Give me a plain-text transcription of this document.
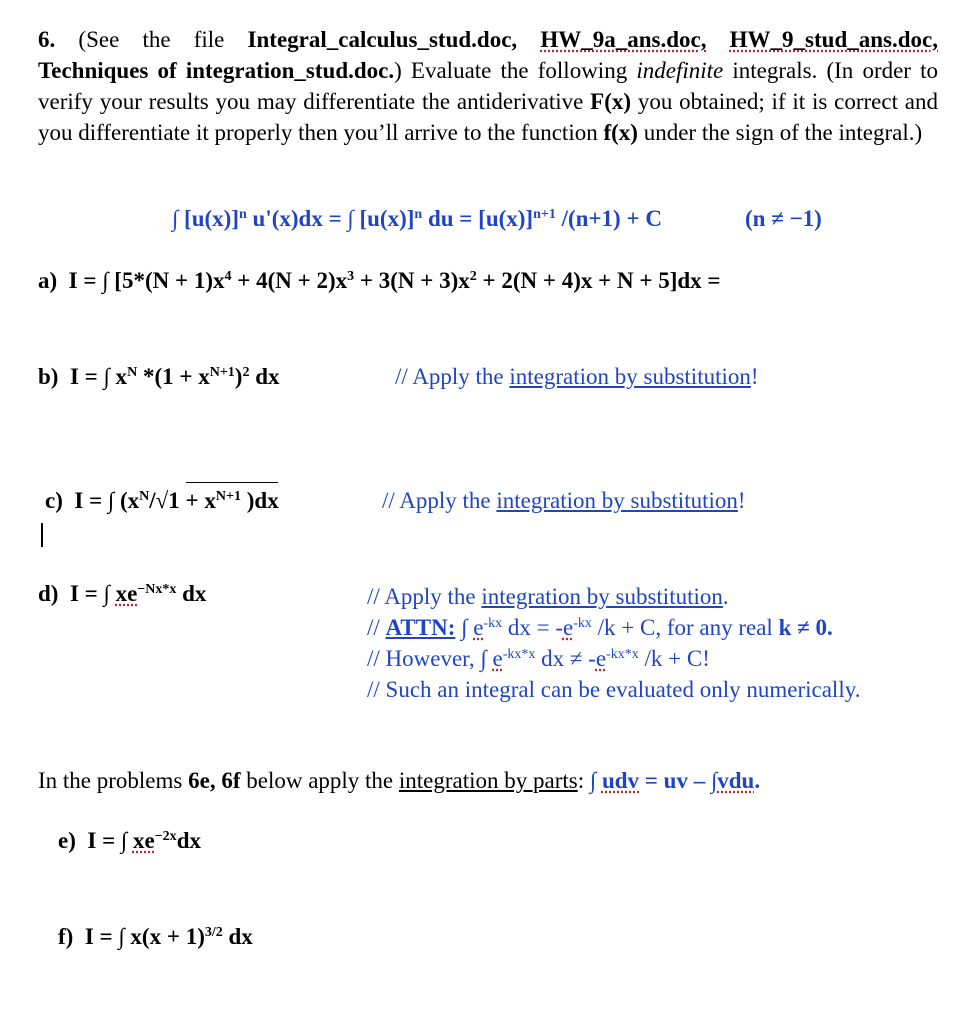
6. (See the file Integral_calculus_stud.doc, HW_9a_ans.doc, HW_9_stud_ans.doc, Techniques of integration_stud.doc.) Evaluate the following indefinite integrals. (In order to verify your results you may differentiate the antiderivative F(x) you obtained; if it is correct and you differentiate it properly then you’ll arrive to the function f(x) under the sign of the integral.)
∫ $[u(x)]^n$ u'(x)dx = ∫ $[u(x)]^n$ du = $[u(x)]^{n+1}$ /(n+1) + C	(n ≠ −1)
a) I = ∫ $[5*(N + 1)x^4 + 4(N + 2)x^3 + 3(N + 3)x^2 + 2(N + 4)x + N + 5]dx$ =
b) I = ∫ $x^N$ $*(1 + x^{N+1})^2$ dx	// Apply the integration by substitution!
c) I = ∫ ($x^N/√1 + x^{N+1}$ )dx	// Apply the integration by substitution!
d) I = ∫ $xe^{-Nx*x}$ dx	// Apply the integration by substitution.
// ATTN: ∫ $e^{-kx}$ dx = $-e^{-kx}$ /k + C, for any real k ≠ 0.
// However, ∫ $e^{-kx*x}$ dx ≠ $-e^{-kx*x}$ /k + C!
// Such an integral can be evaluated only numerically.
In the problems 6e, 6f below apply the integration by parts: ∫ udv = uv – ∫vdu.
e) I = ∫ $xe^{-2x}dx$
f) I = ∫ $x(x + 1)^{3/2}$ dx
